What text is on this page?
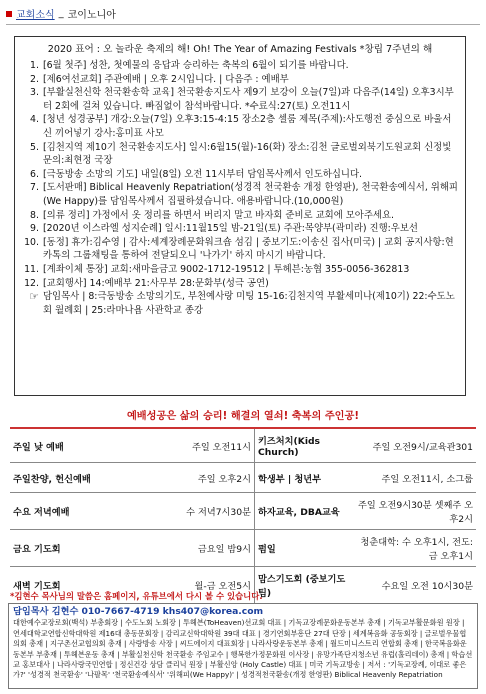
교회소식 _ 코이노니아
2020 표어 : 오 놀라운 축제의 해! Oh! The Year of Amazing Festivals *창립 7주년의 해
1. [6월 첫주] 성찬, 첫예물의 응답과 승리하는 축복의 6월이 되기를 바랍니다.
2. [제6여선교회] 주관예배 | 오후 2시입니다. | 다음주 : 예배부
3. [부활실천신학 천국환송학 교육] 천국환송지도사 제9기 보강이 오늘(7일)과 다음주(14일) 오후3시부터 2회에 걸쳐 있습니다. 빠짐없이 참석바랍니다. *수료식:27(토) 오전11시
4. [청년 성경공부] 개강:오늘(7일) 오후3:15-4:15 장소2층 셀룸 제목(주제):사도행전 중심으로 바울서신 끼어넣기 강사:홍미표 사모
5. [김천지역 제10기 천국환송지도사] 일시:6월15(월)-16(화) 장소:김천 글로벌외북기도원교회 신정빛문의:최현정 국장
6. [극동방송 소망의 기도] 내일(8일) 오전 11시부터 담임목사께서 인도하십니다.
7. [도서판매] Biblical Heavenly Repatriation(성경적 천국환송 개정 한영판), 천국환송예식서, 위해피(We Happy)를 담임목사께서 집필하셨습니다. 애용바랍니다.(10,000원)
8. [의류 정리] 가정에서 옷 정리를 하면서 버리지 말고 바자회 준비로 교회에 모아주세요.
9. [2020년 이스라엘 성지순례] 일시:11월15일 밤-21일(토) 주관:목양부(곽미라) 진행:우보선
10. [동정] 휴가:김수영 | 감사:세계장례문화워크숍 섬김 | 중보기도:이송신 집사(미국) | 교회 공지사항:현 카톡의 그룹채팅을 통하여 전달되오니 '나가기' 하지 마시기 바랍니다.
11. [계좌이체 통장] 교회:새마을금고 9002-1712-19512 | 투헤븐:농협 355-0056-362813
12. [교회행사] 14:예배부 21:사무부 28:문화부(성극 공연)
☞ 담임목사 | 8:극동방송 소망의기도, 부천예사랑 미팅 15-16:김천지역 부활세미나(제10기) 22:수도노회 월례회 | 25:라마나욥 사관학교 종강
예배성공은 삶의 승리! 해결의 열쇠! 축복의 주인공!
주일 낮 예배	주일 오전11시	키즈처치(Kids Church)	주일 오전9시/교육관301
주일찬양, 헌신예배	주일 오후2시	학생부 | 청년부	주일 오전11시, 소그룹
수요 저녁예배	수 저녁7시30분	하자교육, DBA교육	주일 오전9시30분 셋째주 오후2시
금요 기도회	금요일 밤9시	펌일	청춘대학: 수 오후1시, 전도: 금 오후1시
새벽 기도회	월-금 오전5시	맘스기도회 (중보기도팀)	수요일 오전 10시30분
*김현수 목사님의 말씀은 홈페이지, 유튜브에서 다시 볼 수 있습니다.
담임목사 김현수 010-7667-4719 khs407@korea.com
대한예수교장로회(백석) 부총회장 | 수도노회 노회장 | 투헤븐(ToHeaven)선교회 대표 | 기독교장례문화운동본부 총재 | 기독교부활문화원 원장 | 연세대학교연합신학대학원 제16대 총동문회장 | 감리교신학대학원 39대 대표 | 경기연회부흥단 27대 단장 | 세계복음화 공동회장 | 글로벌우물협의회 총재 | 지구촌선교협의회 총재 | 사랑방송 사장 | 씨드에이지 대표회장 | 나라사랑운동본부 총재 | 월드미니스트리 연합회 총재 | 한국복음화운동본부 부총재 | 투헤븐운동 총재 | 부활실천신학 천국환송 주임교수 | 행복한가정문화원 이사장 | 유망가족단지청소년 유럽(홀리데이) 총재 | 학습선교 홍보대사 | 나라사랑국민연합 | 정신건강 상담 클리닉 원장 | 부활신앙 (Holy Castle) 대표 | 미국 기독교방송 | 저서 : '기독교장례, 이대로 좋은가?' '성경적 천국환송' '나팔목' '천국환송예식서' '위해피(We Happy)' | 성경적천국환송(개정 한영판) Biblical Heavenly Repatriation
